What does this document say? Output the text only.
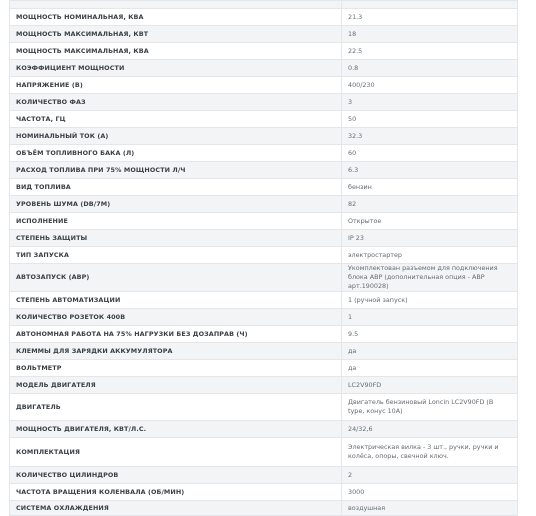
МОЩНОСТЬ НОМИНАЛЬНАЯ, КВА	21.3
МОЩНОСТЬ МАКСИМАЛЬНАЯ, КВТ	18
МОЩНОСТЬ МАКСИМАЛЬНАЯ, КВА	22.5
КОЭФФИЦИЕНТ МОЩНОСТИ	0.8
НАПРЯЖЕНИЕ (В)	400/230
КОЛИЧЕСТВО ФАЗ	3
ЧАСТОТА, ГЦ	50
НОМИНАЛЬНЫЙ ТОК (А)	32.3
ОБЪЁМ ТОПЛИВНОГО БАКА (Л)	60
РАСХОД ТОПЛИВА ПРИ 75% МОЩНОСТИ Л/Ч	6.3
ВИД ТОПЛИВА	бензин
УРОВЕНЬ ШУМА (DB/7M)	82
ИСПОЛНЕНИЕ	Открытое
СТЕПЕНЬ ЗАЩИТЫ	IP 23
ТИП ЗАПУСКА	электростартер
АВТОЗАПУСК (АВР)	Укомплектован разъемом для подключения блока АВР (дополнительная опция - АВР арт.190028)
СТЕПЕНЬ АВТОМАТИЗАЦИИ	1 (ручной запуск)
КОЛИЧЕСТВО РОЗЕТОК 400В	1
АВТОНОМНАЯ РАБОТА НА 75% НАГРУЗКИ БЕЗ ДОЗАПРАВ (Ч)	9.5
КЛЕММЫ ДЛЯ ЗАРЯДКИ АККУМУЛЯТОРА	да
ВОЛЬТМЕТР	да
МОДЕЛЬ ДВИГАТЕЛЯ	LC2V90FD
ДВИГАТЕЛЬ	Двигатель бензиновый Loncin LC2V90FD (B type, конус 10A)
МОЩНОСТЬ ДВИГАТЕЛЯ, КВТ/Л.С.	24/32,6
КОМПЛЕКТАЦИЯ	Электрическая вилка - 3 шт., ручки, ручки и колёса, опоры, свечной ключ.
КОЛИЧЕСТВО ЦИЛИНДРОВ	2
ЧАСТОТА ВРАЩЕНИЯ КОЛЕНВАЛА (ОБ/МИН)	3000
СИСТЕМА ОХЛАЖДЕНИЯ	воздушная
